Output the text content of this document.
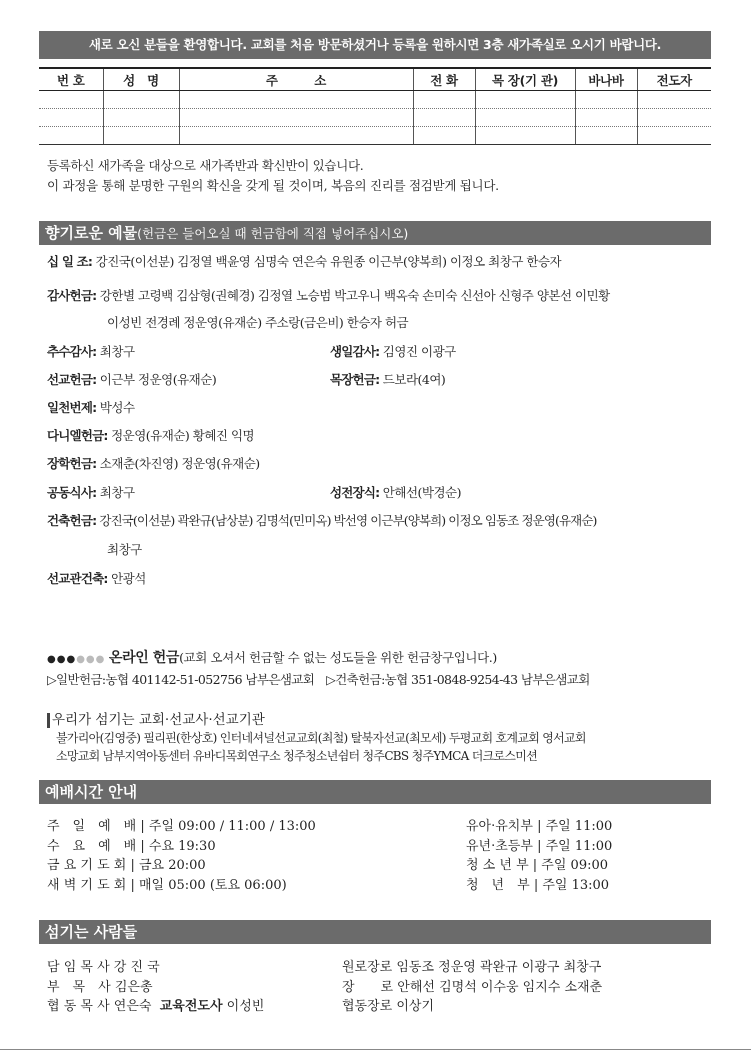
새로 오신 분들을 환영합니다. 교회를 처음 방문하셨거나 등록을 원하시면 3층 새가족실로 오시기 바랍니다.
번 호	성　명	주　　　소	전 화	목 장(기 관)	바나바	전도자

등록하신 새가족을 대상으로 새가족반과 확신반이 있습니다.
이 과정을 통해 분명한 구원의 확신을 갖게 될 것이며, 복음의 진리를 점검받게 됩니다.
향기로운 예물(헌금은 들어오실 때 헌금함에 직접 넣어주십시오)
십 일 조: 강진국(이선분) 김정열 백윤영 심명숙 연은숙 유원종 이근부(양복희) 이정오 최창구 한승자
감사헌금: 강한별 고령백 김삼형(권혜경) 김정열 노승범 박고우니 백옥숙 손미숙 신선아 신형주 양본선 이민황
이성빈 전경례 정운영(유재순) 주소랑(금은비) 한승자 허금
추수감사: 최창구	생일감사: 김영진 이광구
선교헌금: 이근부 정운영(유재순)	목장헌금: 드보라(4여)
일천번제: 박성수
다니엘헌금: 정운영(유재순) 황혜진 익명
장학헌금: 소재춘(차진영) 정운영(유재순)
공동식사: 최창구	성전장식: 안해선(박경순)
건축헌금: 강진국(이선분) 곽완규(남상분) 김명석(민미옥) 박선영 이근부(양복희) 이정오 임동조 정운영(유재순)
최창구
선교관건축: 안광석
●●●●●● 온라인 헌금(교회 오셔서 헌금할 수 없는 성도들을 위한 헌금창구입니다.)
▷일반헌금:농협 401142-51-052756 남부은샘교회　▷건축헌금:농협 351-0848-9254-43 남부은샘교회
우리가 섬기는 교회·선교사·선교기관
불가리아(김영중) 필리핀(한상호) 인터네셔널선교교회(최철) 탈북자선교(최모세) 두평교회 호계교회 영서교회
소망교회 남부지역아동센터 유바디목회연구소 청주청소년쉼터 청주CBS 청주YMCA 더크로스미션
예배시간 안내
주　일　예　배 | 주일 09:00 / 11:00 / 13:00
수　요　예　배 | 수요 19:30
금 요 기 도 회 | 금요 20:00
새 벽 기 도 회 | 매일 05:00 (토요 06:00)
유아·유치부 | 주일 11:00
유년·초등부 | 주일 11:00
청 소 년 부 | 주일 09:00
청　년　부 | 주일 13:00
섬기는 사람들
담 임 목 사 강 진 국
부　목　사 김은총
협 동 목 사 연은숙 교육전도사 이성빈
원로장로 임동조 정운영 곽완규 이광구 최창구
장　　로 안해선 김명석 이수웅 임지수 소재춘
협동장로 이상기
